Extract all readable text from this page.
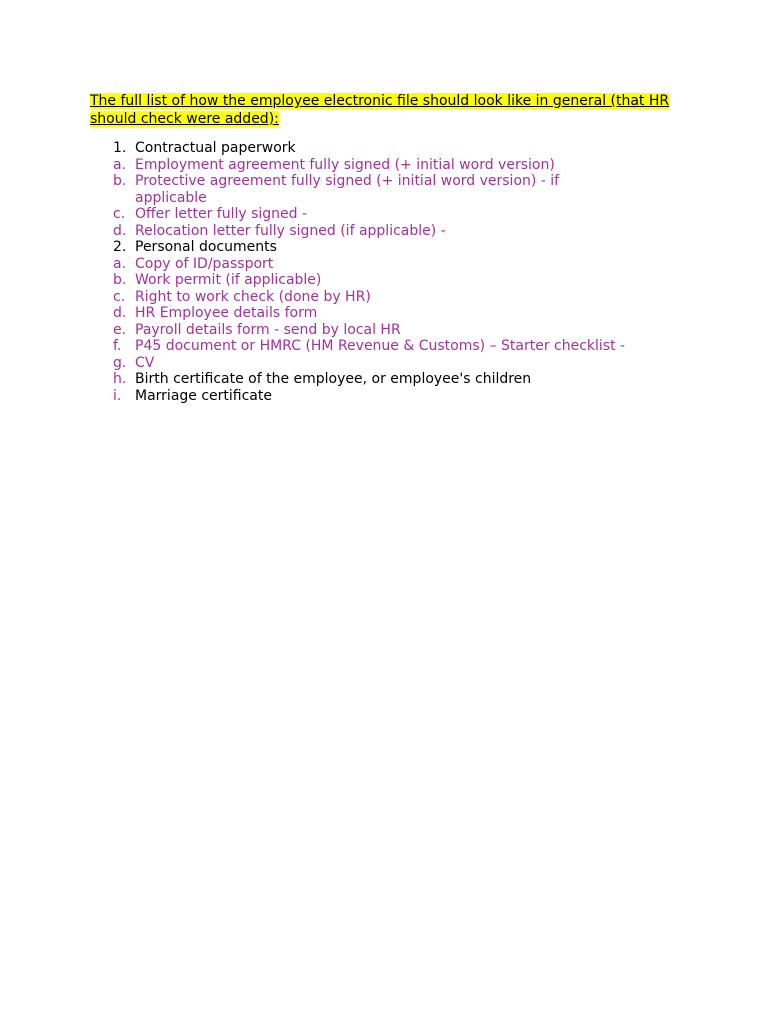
The full list of how the employee electronic file should look like in general (that HR should check were added):

1. Contractual paperwork
a. Employment agreement fully signed (+ initial word version)
b. Protective agreement fully signed (+ initial word version) - if applicable
c. Offer letter fully signed -
d. Relocation letter fully signed (if applicable) -
2. Personal documents
a. Copy of ID/passport
b. Work permit (if applicable)
c. Right to work check (done by HR)
d. HR Employee details form
e. Payroll details form - send by local HR
f. P45 document or HMRC (HM Revenue & Customs) – Starter checklist -
g. CV
h. Birth certificate of the employee, or employee's children
i. Marriage certificate
